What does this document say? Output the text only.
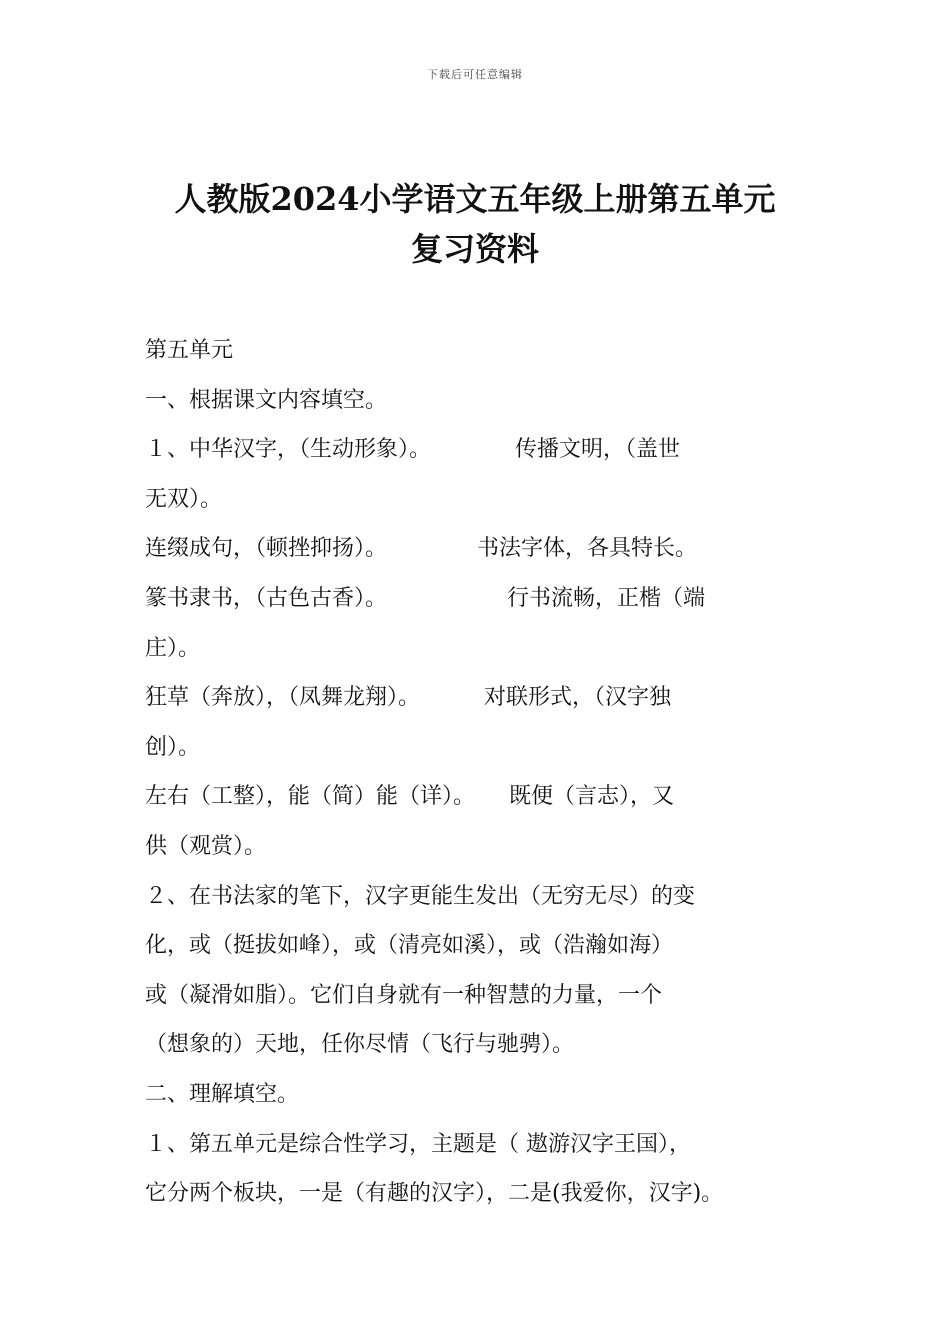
下载后可任意编辑
人教版2024小学语文五年级上册第五单元
复习资料
第五单元
一、根据课文内容填空。
１、中华汉字，（生动形象）。	传播文明，（盖世
无双）。
连缀成句，（顿挫抑扬）。	书法字体，各具特长。
篆书隶书，（古色古香）。	行书流畅，正楷（端
庄）。
狂草（奔放），（凤舞龙翔）。	对联形式，（汉字独
创）。
左右（工整），能（简）能（详）。 既便（言志），又
供（观赏）。
２、在书法家的笔下，汉字更能生发出（无穷无尽）的变
化，或（挺拔如峰），或（清亮如溪），或（浩瀚如海）
或（凝滑如脂）。它们自身就有一种智慧的力量，一个
（想象的）天地，任你尽情（飞行与驰骋）。
二、理解填空。
１、第五单元是综合性学习，主题是（ 遨游汉字王国），
它分两个板块，一是（有趣的汉字），二是(我爱你，汉字)。
